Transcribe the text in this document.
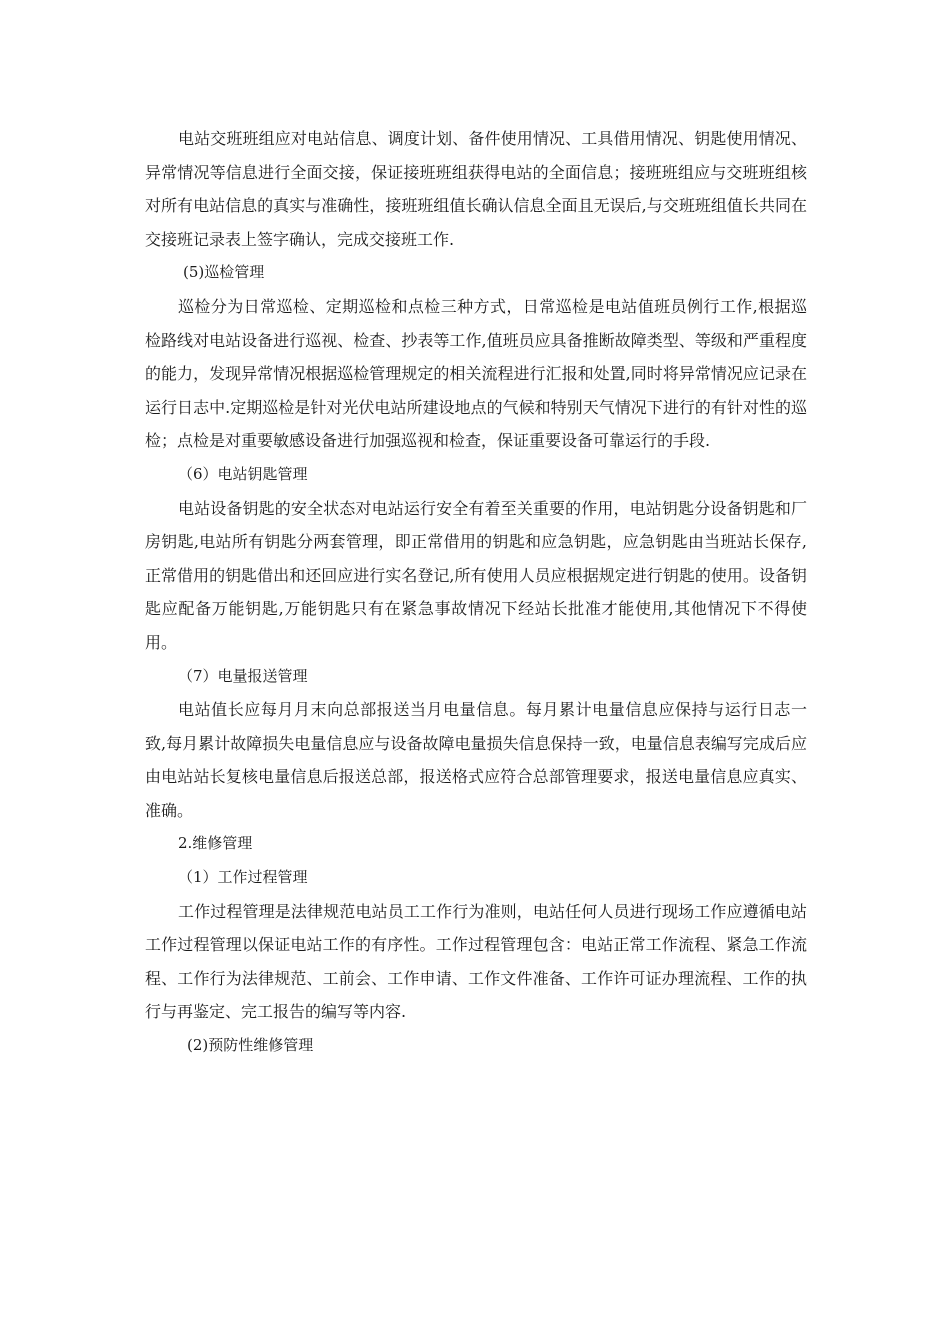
电站交班班组应对电站信息、调度计划、备件使用情况、工具借用情况、钥匙使用情况、异常情况等信息进行全面交接，保证接班班组获得电站的全面信息；接班班组应与交班班组核对所有电站信息的真实与准确性，接班班组值长确认信息全面且无误后,与交班班组值长共同在交接班记录表上签字确认，完成交接班工作.

(5)巡检管理

巡检分为日常巡检、定期巡检和点检三种方式，日常巡检是电站值班员例行工作,根据巡检路线对电站设备进行巡视、检查、抄表等工作,值班员应具备推断故障类型、等级和严重程度的能力，发现异常情况根据巡检管理规定的相关流程进行汇报和处置,同时将异常情况应记录在运行日志中.定期巡检是针对光伏电站所建设地点的气候和特别天气情况下进行的有针对性的巡检；点检是对重要敏感设备进行加强巡视和检查，保证重要设备可靠运行的手段.

（6）电站钥匙管理

电站设备钥匙的安全状态对电站运行安全有着至关重要的作用，电站钥匙分设备钥匙和厂房钥匙,电站所有钥匙分两套管理，即正常借用的钥匙和应急钥匙，应急钥匙由当班站长保存,正常借用的钥匙借出和还回应进行实名登记,所有使用人员应根据规定进行钥匙的使用。设备钥匙应配备万能钥匙,万能钥匙只有在紧急事故情况下经站长批准才能使用,其他情况下不得使用。

（7）电量报送管理

电站值长应每月月末向总部报送当月电量信息。每月累计电量信息应保持与运行日志一致,每月累计故障损失电量信息应与设备故障电量损失信息保持一致，电量信息表编写完成后应由电站站长复核电量信息后报送总部，报送格式应符合总部管理要求，报送电量信息应真实、准确。

2.维修管理

（1）工作过程管理

工作过程管理是法律规范电站员工工作行为准则，电站任何人员进行现场工作应遵循电站工作过程管理以保证电站工作的有序性。工作过程管理包含：电站正常工作流程、紧急工作流程、工作行为法律规范、工前会、工作申请、工作文件准备、工作许可证办理流程、工作的执行与再鉴定、完工报告的编写等内容.

(2)预防性维修管理
